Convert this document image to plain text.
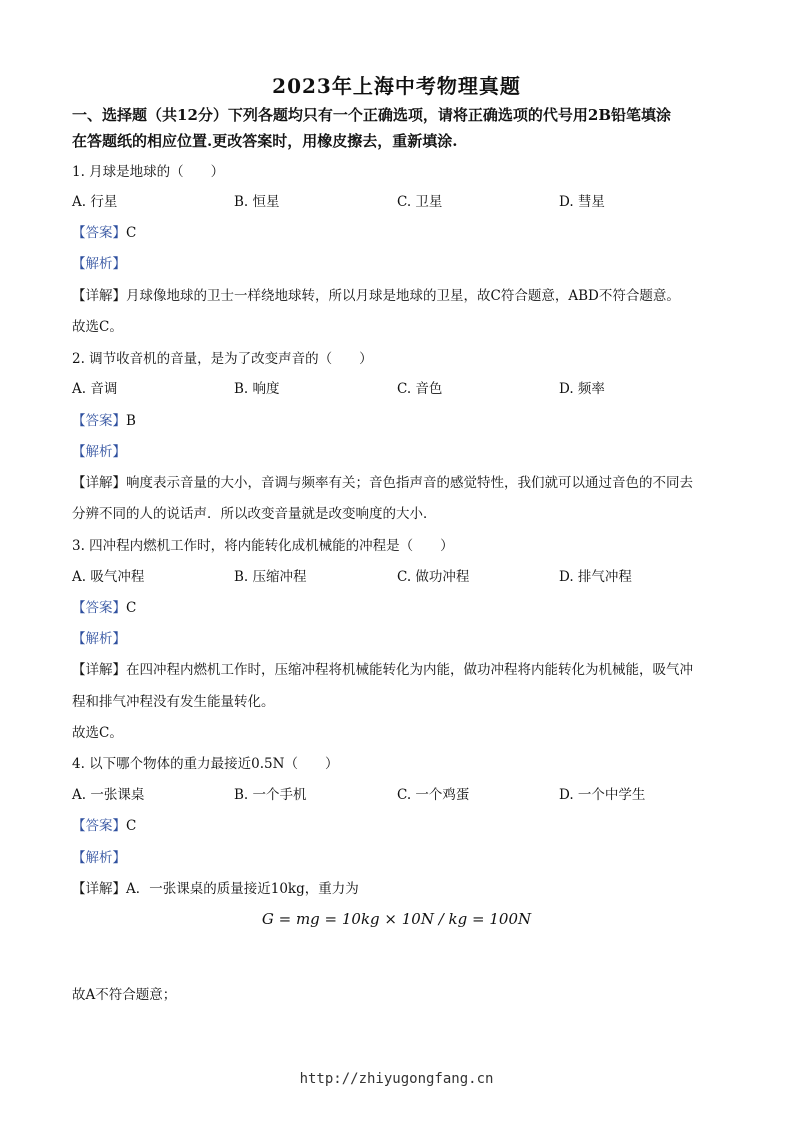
2023年上海中考物理真题
一、选择题（共12分）下列各题均只有一个正确选项，请将正确选项的代号用2B铅笔填涂
在答题纸的相应位置.更改答案时，用橡皮擦去，重新填涂.
1. 月球是地球的（　　）
A. 行星	B. 恒星	C. 卫星	D. 彗星
【答案】C
【解析】
【详解】月球像地球的卫士一样绕地球转，所以月球是地球的卫星，故C符合题意，ABD不符合题意。
故选C。
2. 调节收音机的音量，是为了改变声音的（　　）
A. 音调	B. 响度	C. 音色	D. 频率
【答案】B
【解析】
【详解】响度表示音量的大小，音调与频率有关；音色指声音的感觉特性，我们就可以通过音色的不同去
分辨不同的人的说话声．所以改变音量就是改变响度的大小．
3. 四冲程内燃机工作时，将内能转化成机械能的冲程是（　　）
A. 吸气冲程	B. 压缩冲程	C. 做功冲程	D. 排气冲程
【答案】C
【解析】
【详解】在四冲程内燃机工作时，压缩冲程将机械能转化为内能，做功冲程将内能转化为机械能，吸气冲
程和排气冲程没有发生能量转化。
故选C。
4. 以下哪个物体的重力最接近0.5N（　　）
A. 一张课桌	B. 一个手机	C. 一个鸡蛋	D. 一个中学生
【答案】C
【解析】
【详解】A．一张课桌的质量接近10kg，重力为
G = mg = 10kg × 10N / kg = 100N
故A不符合题意；
http://zhiyugongfang.cn
